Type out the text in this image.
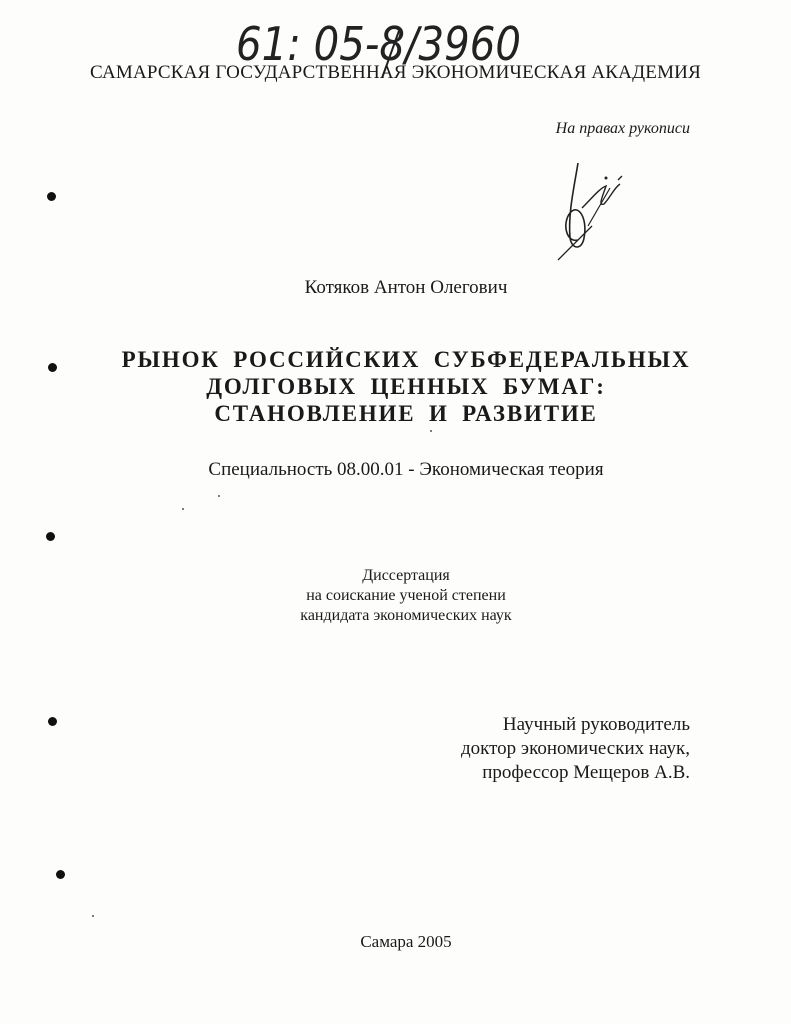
61: 05-8/3960
САМАРСКАЯ ГОСУДАРСТВЕННАЯ ЭКОНОМИЧЕСКАЯ АКАДЕМИЯ
На правах рукописи
Котяков Антон Олегович
РЫНОК РОССИЙСКИХ СУБФЕДЕРАЛЬНЫХ
ДОЛГОВЫХ ЦЕННЫХ БУМАГ:
СТАНОВЛЕНИЕ И РАЗВИТИЕ
Специальность 08.00.01 - Экономическая теория
Диссертация
на соискание ученой степени
кандидата экономических наук
Научный руководитель
доктор экономических наук,
профессор Мещеров А.В.
Самара 2005
